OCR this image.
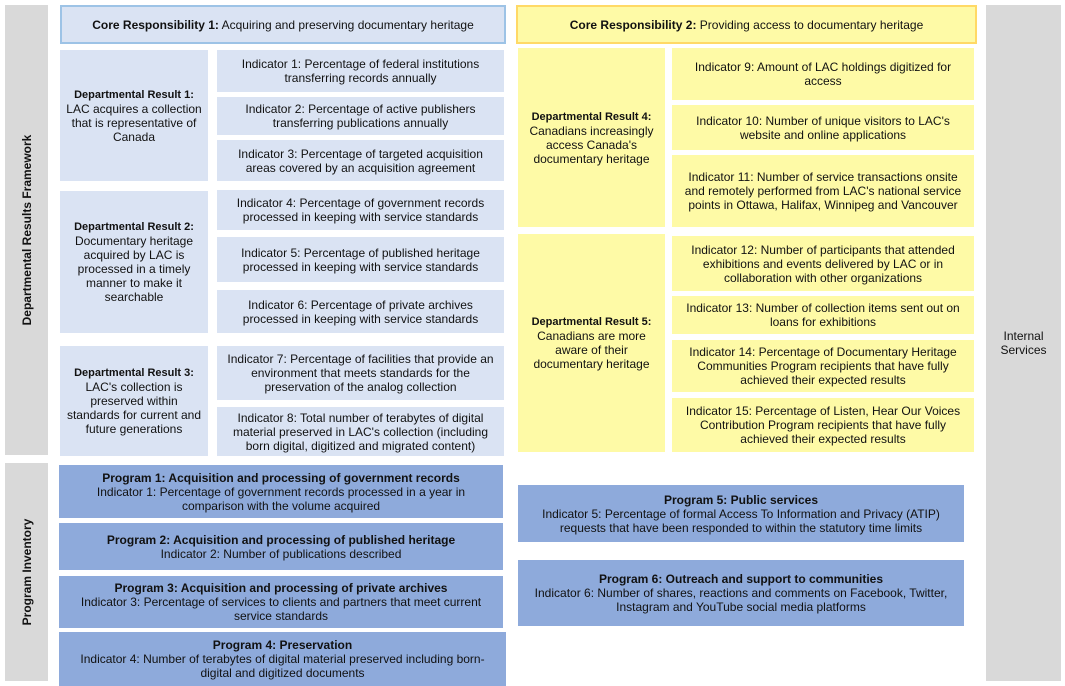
Departmental Results Framework
Program Inventory
Internal
Services
Core Responsibility 1: Acquiring and preserving documentary heritage	Core Responsibility 2: Providing access to documentary heritage
Departmental Result 1:
LAC acquires a collection that is representative of Canada
Departmental Result 2:
Documentary heritage acquired by LAC is processed in a timely manner to make it searchable
Departmental Result 3:
LAC's collection is preserved within standards for current and future generations
Indicator 1: Percentage of federal institutions transferring records annually
Indicator 2: Percentage of active publishers transferring publications annually
Indicator 3: Percentage of targeted acquisition areas covered by an acquisition agreement
Indicator 4: Percentage of government records processed in keeping with service standards
Indicator 5: Percentage of published heritage processed in keeping with service standards
Indicator 6: Percentage of private archives processed in keeping with service standards
Indicator 7: Percentage of facilities that provide an environment that meets standards for the preservation of the analog collection
Indicator 8: Total number of terabytes of digital material preserved in LAC's collection (including born digital, digitized and migrated content)
Departmental Result 4:
Canadians increasingly access Canada's documentary heritage
Departmental Result 5:
Canadians are more aware of their documentary heritage
Indicator 9: Amount of LAC holdings digitized for access
Indicator 10: Number of unique visitors to LAC's website and online applications
Indicator 11: Number of service transactions onsite and remotely performed from LAC's national service points in Ottawa, Halifax, Winnipeg and Vancouver
Indicator 12: Number of participants that attended exhibitions and events delivered by LAC or in collaboration with other organizations
Indicator 13: Number of collection items sent out on loans for exhibitions
Indicator 14: Percentage of Documentary Heritage Communities Program recipients that have fully achieved their expected results
Indicator 15: Percentage of Listen, Hear Our Voices Contribution Program recipients that have fully achieved their expected results
Program 1: Acquisition and processing of government records
Indicator 1: Percentage of government records processed in a year in comparison with the volume acquired
Program 2: Acquisition and processing of published heritage
Indicator 2: Number of publications described
Program 3: Acquisition and processing of private archives
Indicator 3: Percentage of services to clients and partners that meet current service standards
Program 4: Preservation
Indicator 4: Number of terabytes of digital material preserved including born-digital and digitized documents
Program 5: Public services
Indicator 5: Percentage of formal Access To Information and Privacy (ATIP) requests that have been responded to within the statutory time limits
Program 6: Outreach and support to communities
Indicator 6: Number of shares, reactions and comments on Facebook, Twitter, Instagram and YouTube social media platforms
